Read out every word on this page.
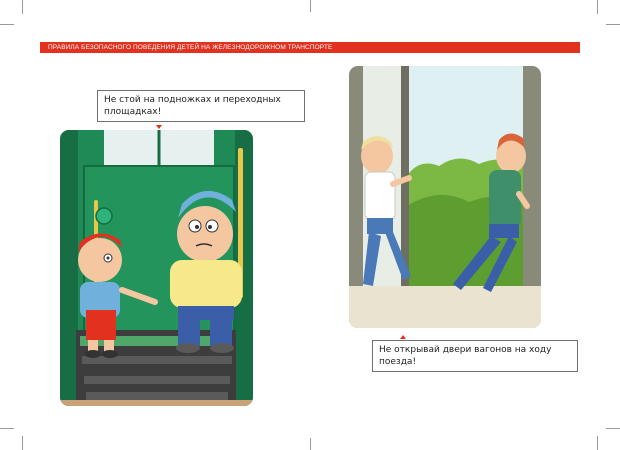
ПРАВИЛА БЕЗОПАСНОГО ПОВЕДЕНИЯ ДЕТЕЙ НА ЖЕЛЕЗНОДОРОЖНОМ ТРАНСПОРТЕ
Не стой на подножках и переходных площадках!
Не открывай двери вагонов на ходу поезда!
